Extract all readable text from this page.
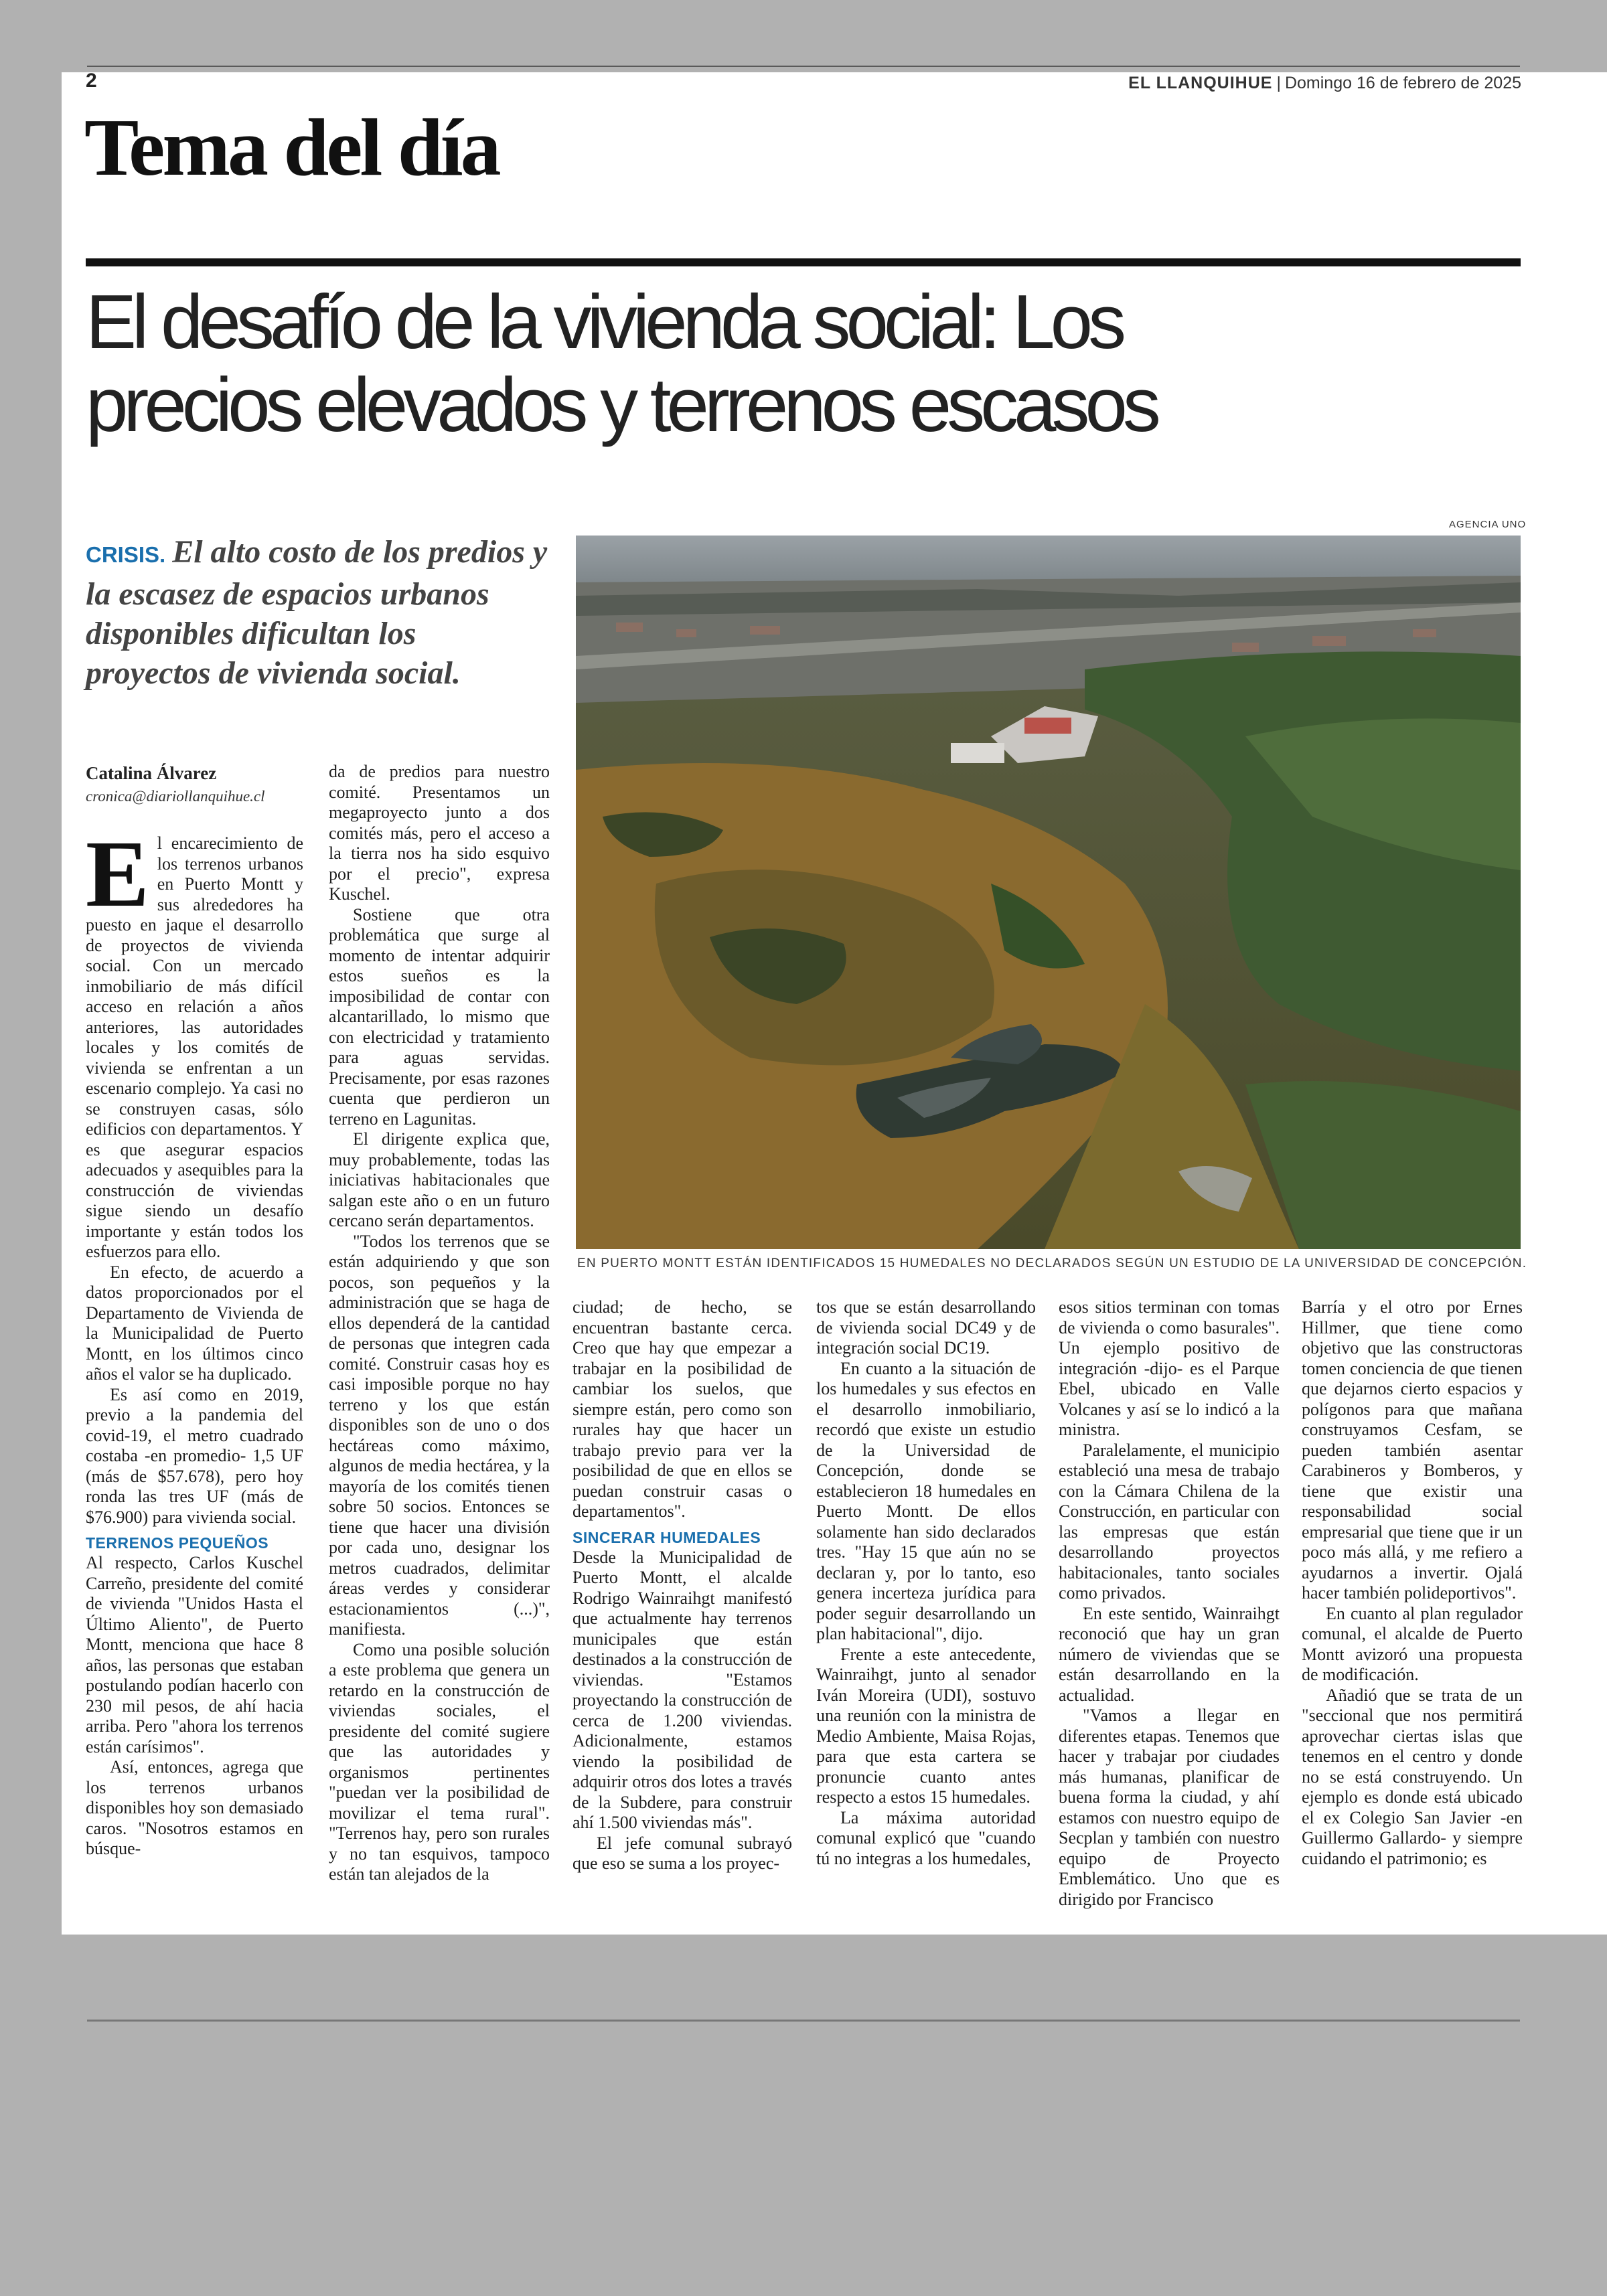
2	EL LLANQUIHUE | Domingo 16 de febrero de 2025
Tema del día
El desafío de la vivienda social: Los
precios elevados y terrenos escasos
CRISIS. El alto costo de los predios y la escasez de espacios urbanos disponibles dificultan los proyectos de vivienda social.
Catalina Álvarez
cronica@diariollanquihue.cl
AGENCIA UNO
EN PUERTO MONTT ESTÁN IDENTIFICADOS 15 HUMEDALES NO DECLARADOS SEGÚN UN ESTUDIO DE LA UNIVERSIDAD DE CONCEPCIÓN.
E l encarecimiento de los terrenos urbanos en Puerto Montt y sus alrededores ha puesto en jaque el desarrollo de proyectos de vivienda social. Con un mercado inmobiliario de más difícil acceso en relación a años anteriores, las autoridades locales y los comités de vivienda se enfrentan a un escenario complejo. Ya casi no se construyen casas, sólo edificios con departamentos. Y es que asegurar espacios adecuados y asequibles para la construcción de viviendas sigue siendo un desafío importante y están todos los esfuerzos para ello.

En efecto, de acuerdo a datos proporcionados por el Departamento de Vivienda de la Municipalidad de Puerto Montt, en los últimos cinco años el valor se ha duplicado.

Es así como en 2019, previo a la pandemia del covid-19, el metro cuadrado costaba -en promedio- 1,5 UF (más de $57.678), pero hoy ronda las tres UF (más de $76.900) para vivienda social.

TERRENOS PEQUEÑOS

Al respecto, Carlos Kuschel Carreño, presidente del comité de vivienda "Unidos Hasta el Último Aliento", de Puerto Montt, menciona que hace 8 años, las personas que estaban postulando podían hacerlo con 230 mil pesos, de ahí hacia arriba. Pero "ahora los terrenos están carísimos".

Así, entonces, agrega que los terrenos urbanos disponibles hoy son demasiado caros. "Nosotros estamos en búsque-

da de predios para nuestro comité. Presentamos un megaproyecto junto a dos comités más, pero el acceso a la tierra nos ha sido esquivo por el precio", expresa Kuschel.

Sostiene que otra problemática que surge al momento de intentar adquirir estos sueños es la imposibilidad de contar con alcantarillado, lo mismo que con electricidad y tratamiento para aguas servidas. Precisamente, por esas razones cuenta que perdieron un terreno en Lagunitas.

El dirigente explica que, muy probablemente, todas las iniciativas habitacionales que salgan este año o en un futuro cercano serán departamentos.

"Todos los terrenos que se están adquiriendo y que son pocos, son pequeños y la administración que se haga de ellos dependerá de la cantidad de personas que integren cada comité. Construir casas hoy es casi imposible porque no hay terreno y los que están disponibles son de uno o dos hectáreas como máximo, algunos de media hectárea, y la mayoría de los comités tienen sobre 50 socios. Entonces se tiene que hacer una división por cada uno, designar los metros cuadrados, delimitar áreas verdes y considerar estacionamientos (...)", manifiesta.

Como una posible solución a este problema que genera un retardo en la construcción de viviendas sociales, el presidente del comité sugiere que las autoridades y organismos pertinentes "puedan ver la posibilidad de movilizar el tema rural". "Terrenos hay, pero son rurales y no tan esquivos, tampoco están tan alejados de la

ciudad; de hecho, se encuentran bastante cerca. Creo que hay que empezar a trabajar en la posibilidad de cambiar los suelos, que siempre están, pero como son rurales hay que hacer un trabajo previo para ver la posibilidad de que en ellos se puedan construir casas o departamentos".

SINCERAR HUMEDALES

Desde la Municipalidad de Puerto Montt, el alcalde Rodrigo Wainraihgt manifestó que actualmente hay terrenos municipales que están destinados a la construcción de viviendas. "Estamos proyectando la construcción de cerca de 1.200 viviendas. Adicionalmente, estamos viendo la posibilidad de adquirir otros dos lotes a través de la Subdere, para construir ahí 1.500 viviendas más".

El jefe comunal subrayó que eso se suma a los proyec-

tos que se están desarrollando de vivienda social DC49 y de integración social DC19.

En cuanto a la situación de los humedales y sus efectos en el desarrollo inmobiliario, recordó que existe un estudio de la Universidad de Concepción, donde se establecieron 18 humedales en Puerto Montt. De ellos solamente han sido declarados tres. "Hay 15 que aún no se declaran y, por lo tanto, eso genera incerteza jurídica para poder seguir desarrollando un plan habitacional", dijo.

Frente a este antecedente, Wainraihgt, junto al senador Iván Moreira (UDI), sostuvo una reunión con la ministra de Medio Ambiente, Maisa Rojas, para que esta cartera se pronuncie cuanto antes respecto a estos 15 humedales.

La máxima autoridad comunal explicó que "cuando tú no integras a los humedales,

esos sitios terminan con tomas de vivienda o como basurales". Un ejemplo positivo de integración -dijo- es el Parque Ebel, ubicado en Valle Volcanes y así se lo indicó a la ministra.

Paralelamente, el municipio estableció una mesa de trabajo con la Cámara Chilena de la Construcción, en particular con las empresas que están desarrollando proyectos habitacionales, tanto sociales como privados.

En este sentido, Wainraihgt reconoció que hay un gran número de viviendas que se están desarrollando en la actualidad.

"Vamos a llegar en diferentes etapas. Tenemos que hacer y trabajar por ciudades más humanas, planificar de buena forma la ciudad, y ahí estamos con nuestro equipo de Secplan y también con nuestro equipo de Proyecto Emblemático. Uno que es dirigido por Francisco

Barría y el otro por Ernes Hillmer, que tiene como objetivo que las constructoras tomen conciencia de que tienen que dejarnos cierto espacios y polígonos para que mañana construyamos Cesfam, se pueden también asentar Carabineros y Bomberos, y tiene que existir una responsabilidad social empresarial que tiene que ir un poco más allá, y me refiero a ayudarnos a invertir. Ojalá hacer también polideportivos".

En cuanto al plan regulador comunal, el alcalde de Puerto Montt avizoró una propuesta de modificación.

Añadió que se trata de un "seccional que nos permitirá aprovechar ciertas islas que tenemos en el centro y donde no se está construyendo. Un ejemplo es donde está ubicado el ex Colegio San Javier -en Guillermo Gallardo- y siempre cuidando el patrimonio; es
